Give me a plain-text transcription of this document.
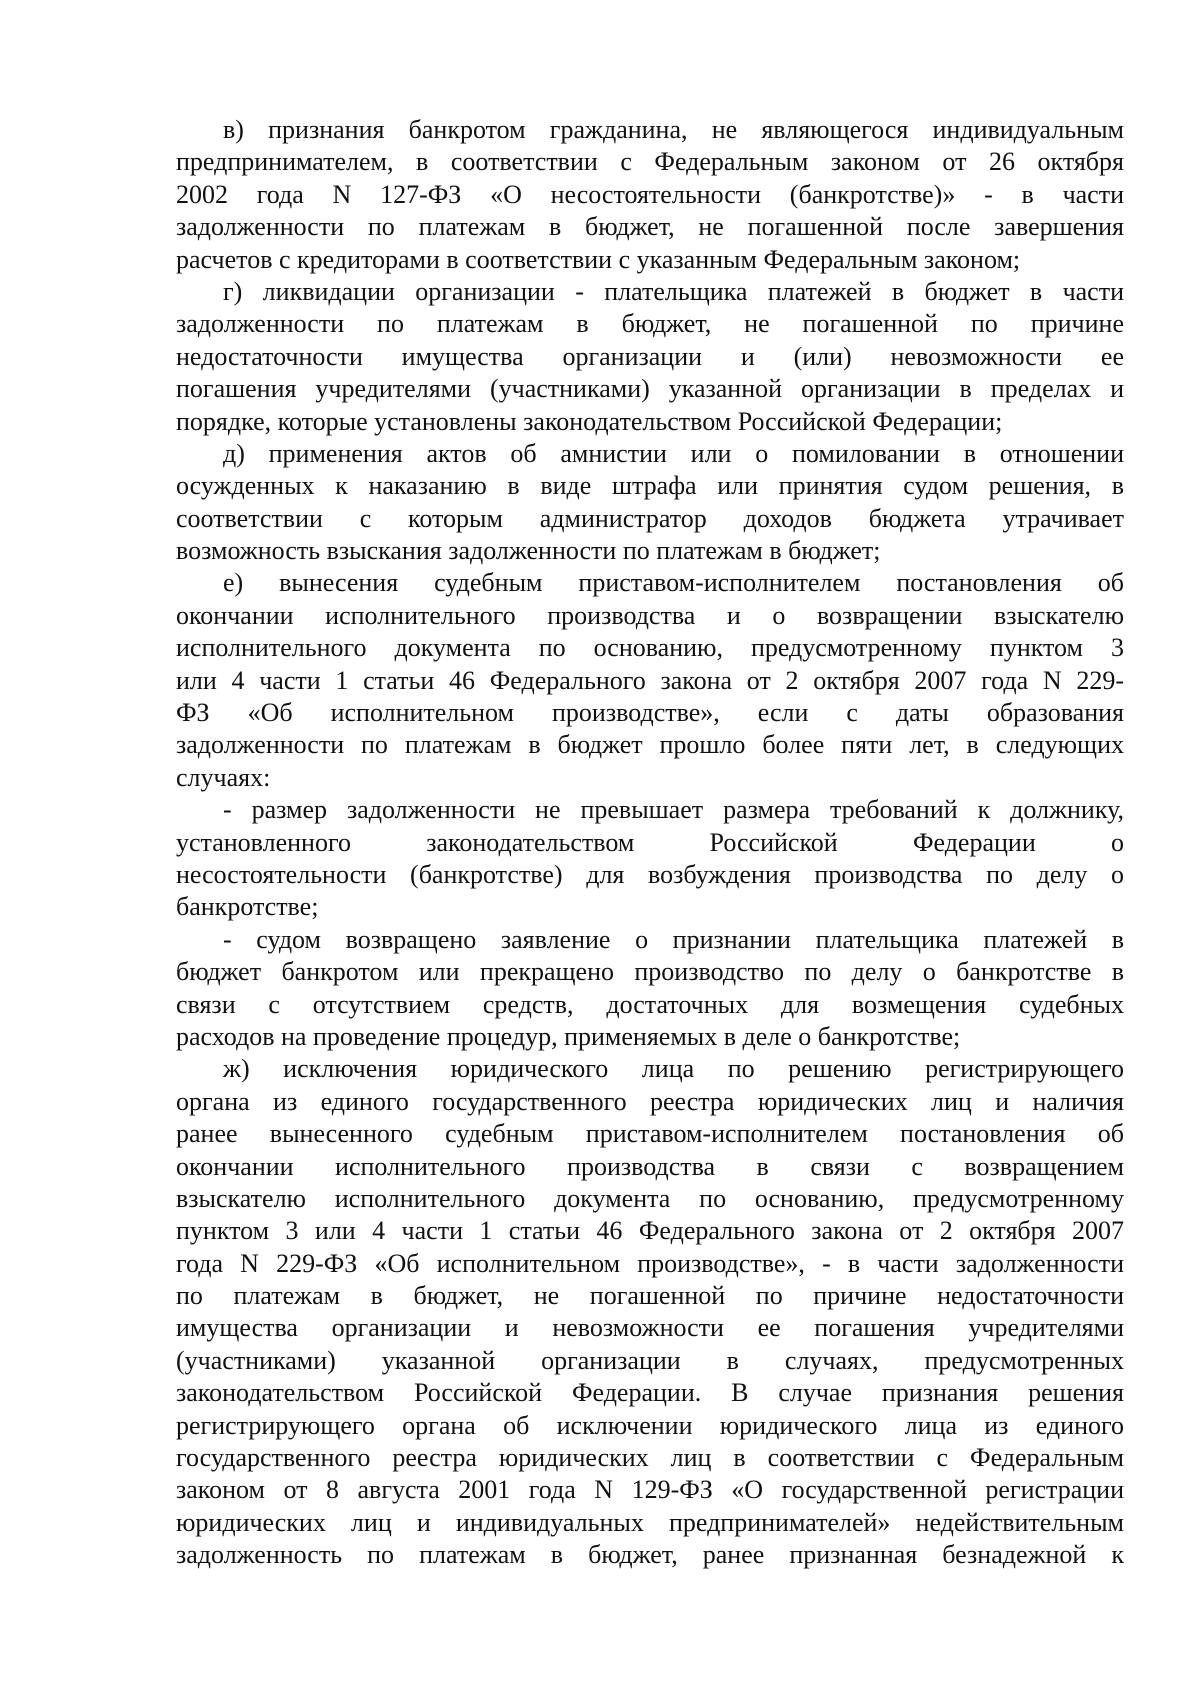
в) признания банкротом гражданина, не являющегося индивидуальным
предпринимателем, в соответствии с Федеральным законом от 26 октября
2002 года N 127-ФЗ «О несостоятельности (банкротстве)» - в части
задолженности по платежам в бюджет, не погашенной после завершения
расчетов с кредиторами в соответствии с указанным Федеральным законом;
г) ликвидации организации - плательщика платежей в бюджет в части
задолженности по платежам в бюджет, не погашенной по причине
недостаточности имущества организации и (или) невозможности ее
погашения учредителями (участниками) указанной организации в пределах и
порядке, которые установлены законодательством Российской Федерации;
д) применения актов об амнистии или о помиловании в отношении
осужденных к наказанию в виде штрафа или принятия судом решения, в
соответствии с которым администратор доходов бюджета утрачивает
возможность взыскания задолженности по платежам в бюджет;
е) вынесения судебным приставом-исполнителем постановления об
окончании исполнительного производства и о возвращении взыскателю
исполнительного документа по основанию, предусмотренному пунктом 3
или 4 части 1 статьи 46 Федерального закона от 2 октября 2007 года N 229-
ФЗ «Об исполнительном производстве», если с даты образования
задолженности по платежам в бюджет прошло более пяти лет, в следующих
случаях:
- размер задолженности не превышает размера требований к должнику,
установленного законодательством Российской Федерации о
несостоятельности (банкротстве) для возбуждения производства по делу о
банкротстве;
- судом возвращено заявление о признании плательщика платежей в
бюджет банкротом или прекращено производство по делу о банкротстве в
связи с отсутствием средств, достаточных для возмещения судебных
расходов на проведение процедур, применяемых в деле о банкротстве;
ж) исключения юридического лица по решению регистрирующего
органа из единого государственного реестра юридических лиц и наличия
ранее вынесенного судебным приставом-исполнителем постановления об
окончании исполнительного производства в связи с возвращением
взыскателю исполнительного документа по основанию, предусмотренному
пунктом 3 или 4 части 1 статьи 46 Федерального закона от 2 октября 2007
года N 229-ФЗ «Об исполнительном производстве», - в части задолженности
по платежам в бюджет, не погашенной по причине недостаточности
имущества организации и невозможности ее погашения учредителями
(участниками) указанной организации в случаях, предусмотренных
законодательством Российской Федерации. В случае признания решения
регистрирующего органа об исключении юридического лица из единого
государственного реестра юридических лиц в соответствии с Федеральным
законом от 8 августа 2001 года N 129-ФЗ «О государственной регистрации
юридических лиц и индивидуальных предпринимателей» недействительным
задолженность по платежам в бюджет, ранее признанная безнадежной к
